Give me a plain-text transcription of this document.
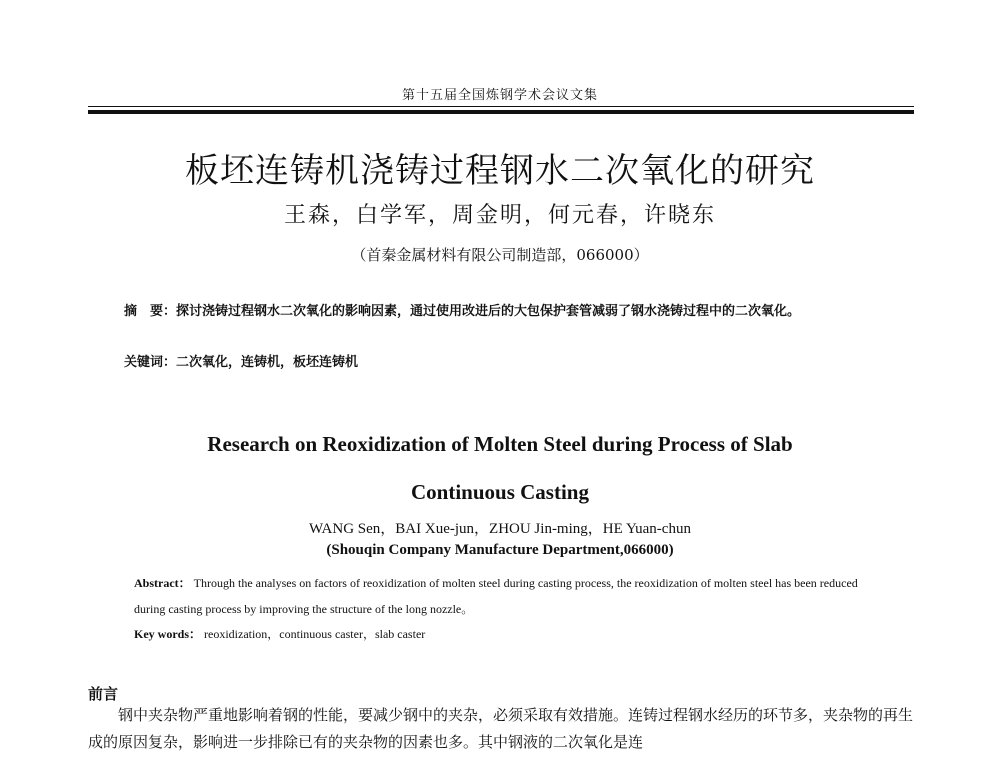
第十五届全国炼钢学术会议文集
板坯连铸机浇铸过程钢水二次氧化的研究
王森，白学军，周金明，何元春，许晓东
（首秦金属材料有限公司制造部，066000）
摘　要：探讨浇铸过程钢水二次氧化的影响因素，通过使用改进后的大包保护套管减弱了钢水浇铸过程中的二次氧化。
关键词：二次氧化，连铸机，板坯连铸机
Research on Reoxidization of Molten Steel during Process of Slab
Continuous Casting
WANG Sen，BAI Xue-jun，ZHOU Jin-ming，HE Yuan-chun
(Shouqin Company Manufacture Department,066000)
Abstract： Through the analyses on factors of reoxidization of molten steel during casting process, the reoxidization of molten steel has been reduced during casting process by improving the structure of the long nozzle。
Key words： reoxidization，continuous caster，slab caster
前言

钢中夹杂物严重地影响着钢的性能，要减少钢中的夹杂，必须采取有效措施。连铸过程钢水经历的环节多，夹杂物的再生成的原因复杂，影响进一步排除已有的夹杂物的因素也多。其中钢液的二次氧化是连
